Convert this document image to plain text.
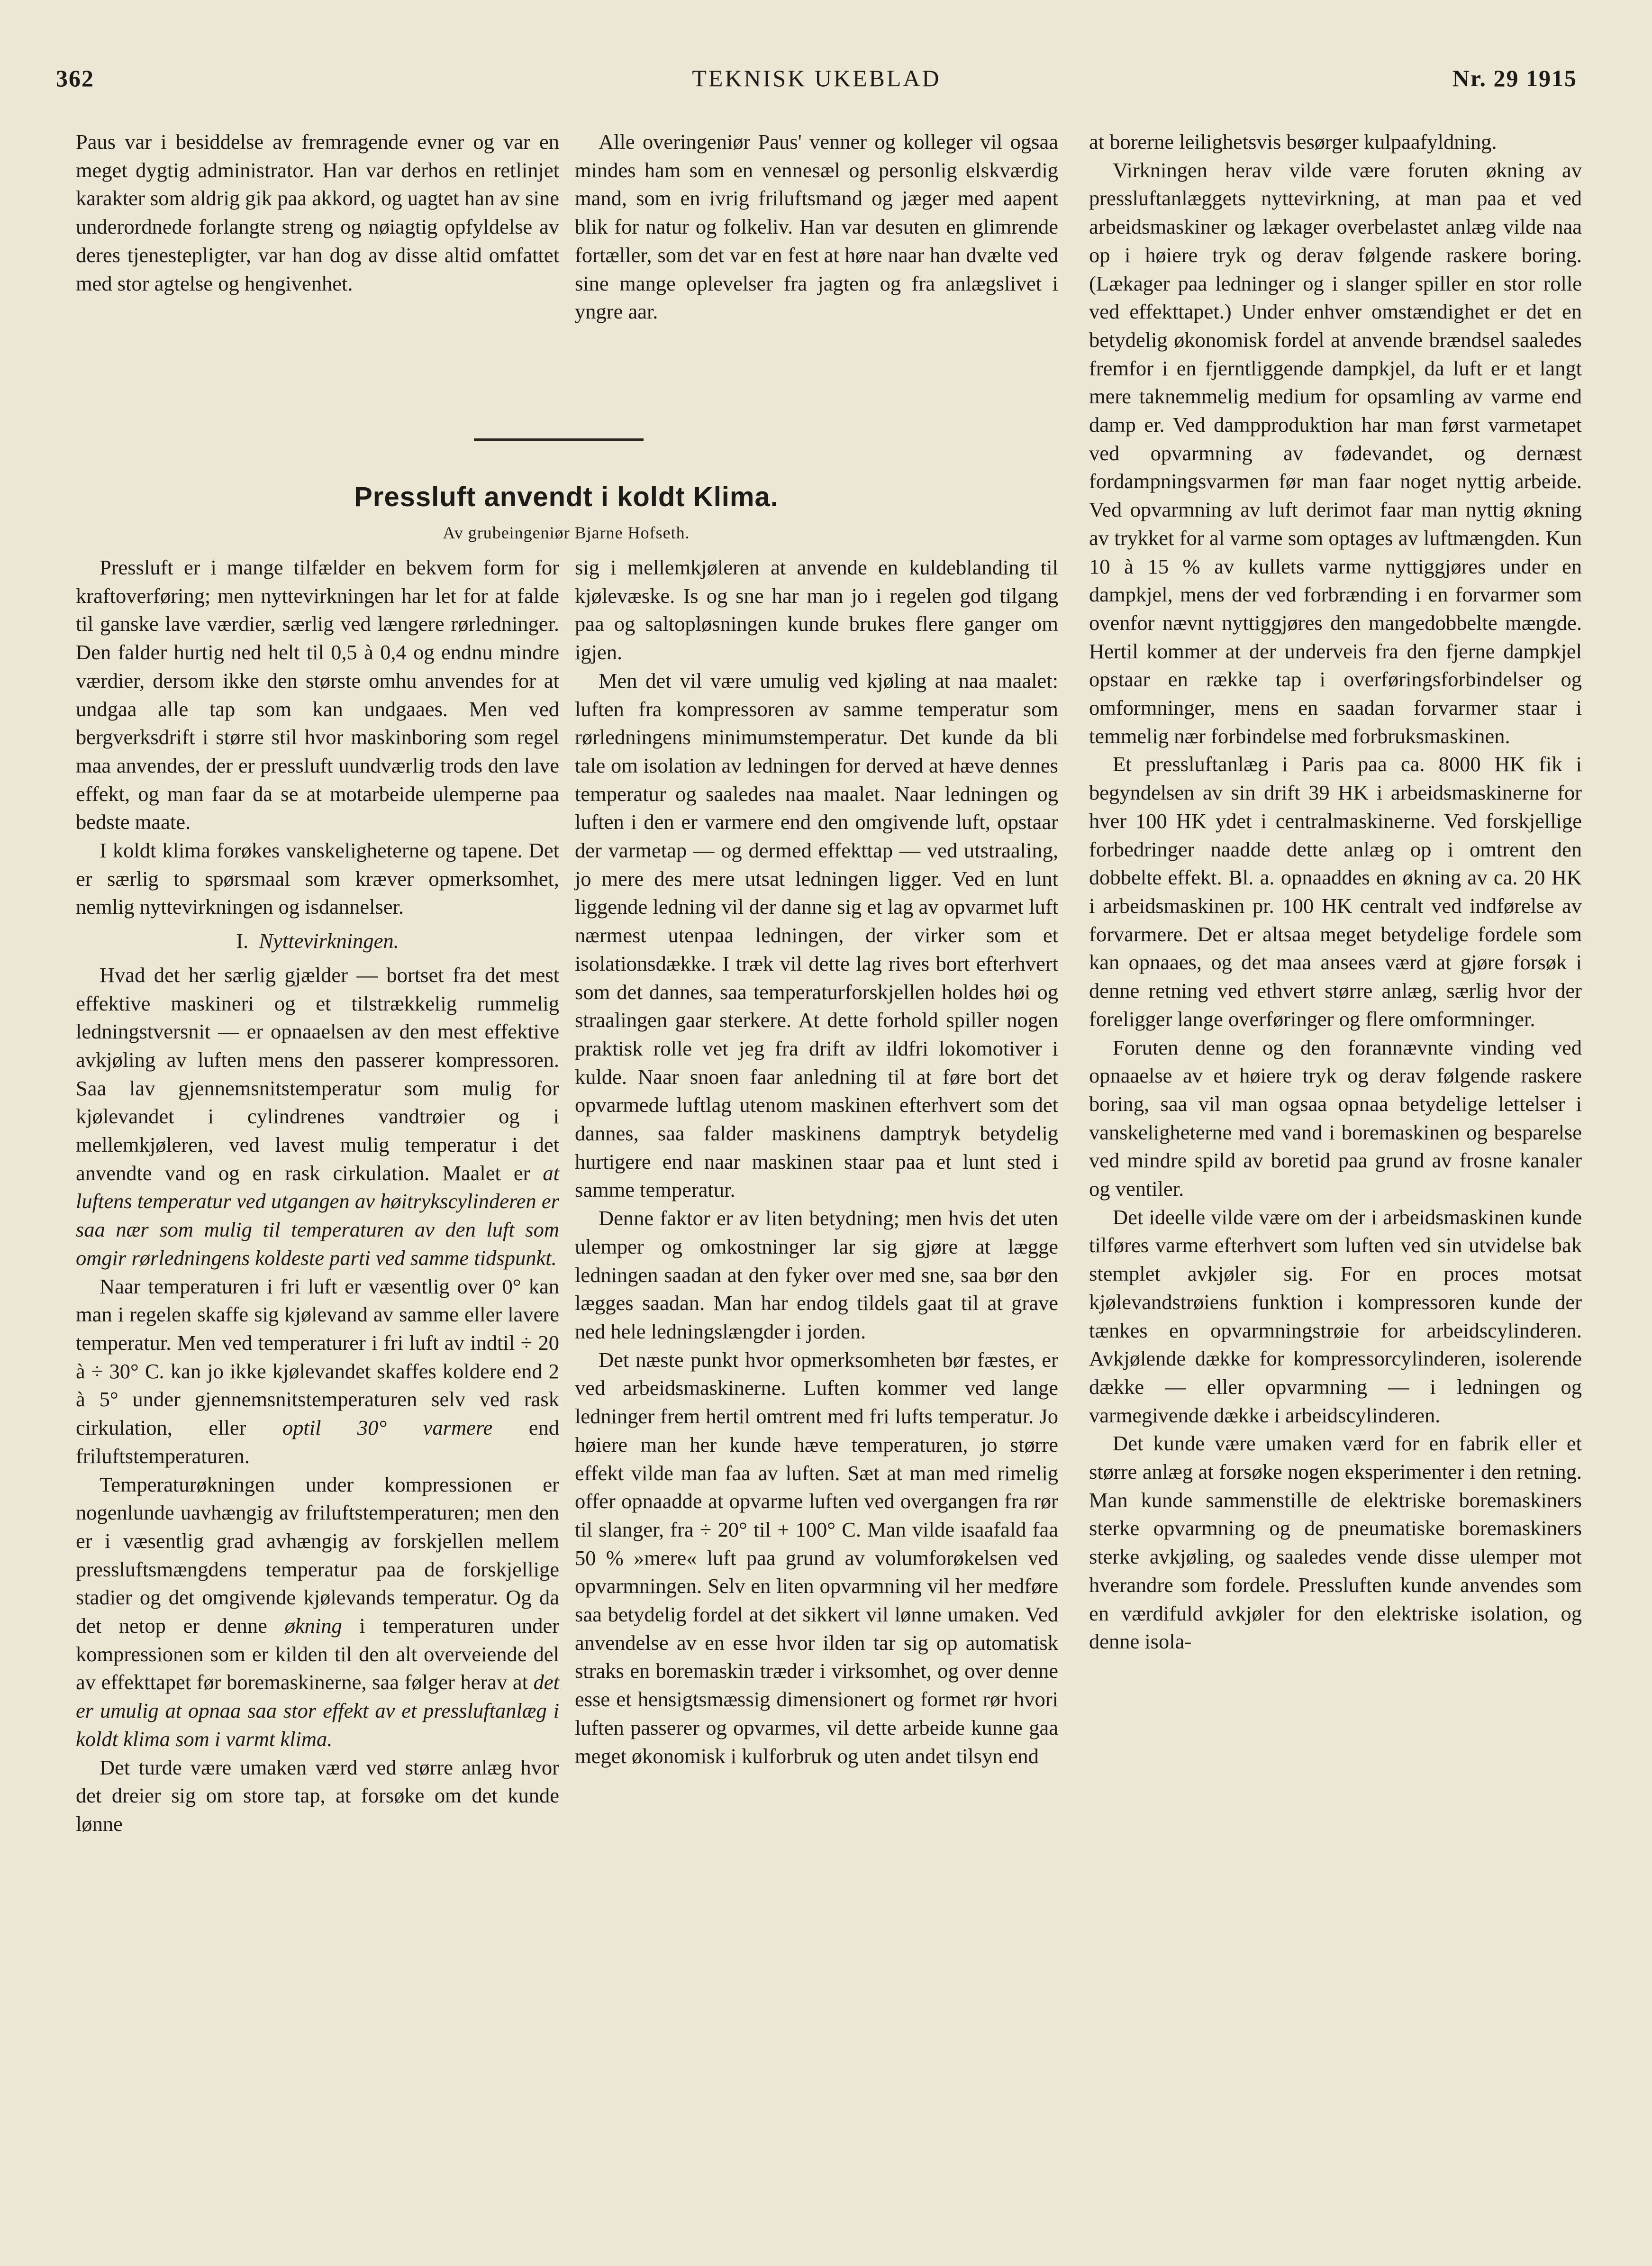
362	TEKNISK UKEBLAD	Nr. 29 1915

Paus var i besiddelse av fremragende evner og var en meget dygtig administrator. Han var derhos en retlinjet karakter som aldrig gik paa akkord, og uagtet han av sine underordnede forlangte streng og nøiagtig opfyldelse av deres tjenestepligter, var han dog av disse altid omfattet med stor agtelse og hengivenhet.

Alle overingeniør Paus' venner og kolleger vil ogsaa mindes ham som en vennesæl og personlig elskværdig mand, som en ivrig friluftsmand og jæger med aapent blik for natur og folkeliv. Han var desuten en glimrende fortæller, som det var en fest at høre naar han dvælte ved sine mange oplevelser fra jagten og fra anlægslivet i yngre aar.

Pressluft anvendt i koldt Klima.
Av grubeingeniør Bjarne Hofseth.

Pressluft er i mange tilfælder en bekvem form for kraftoverføring; men nyttevirkningen har let for at falde til ganske lave værdier, særlig ved længere rørledninger. Den falder hurtig ned helt til 0,5 à 0,4 og endnu mindre værdier, dersom ikke den største omhu anvendes for at undgaa alle tap som kan undgaaes. Men ved bergverksdrift i større stil hvor maskinboring som regel maa anvendes, der er pressluft uundværlig trods den lave effekt, og man faar da se at motarbeide ulemperne paa bedste maate.

I koldt klima forøkes vanskeligheterne og tapene. Det er særlig to spørsmaal som kræver opmerksomhet, nemlig nyttevirkningen og isdannelser.

I. Nyttevirkningen.

Hvad det her særlig gjælder — bortset fra det mest effektive maskineri og et tilstrækkelig rummelig ledningstversnit — er opnaaelsen av den mest effektive avkjøling av luften mens den passerer kompressoren. Saa lav gjennemsnitstemperatur som mulig for kjølevandet i cylindrenes vandtrøier og i mellemkjøleren, ved lavest mulig temperatur i det anvendte vand og en rask cirkulation. Maalet er at luftens temperatur ved utgangen av høitrykscylinderen er saa nær som mulig til temperaturen av den luft som omgir rørledningens koldeste parti ved samme tidspunkt.

Naar temperaturen i fri luft er væsentlig over 0° kan man i regelen skaffe sig kjølevand av samme eller lavere temperatur. Men ved temperaturer i fri luft av indtil ÷ 20 à ÷ 30° C. kan jo ikke kjølevandet skaffes koldere end 2 à 5° under gjennemsnitstemperaturen selv ved rask cirkulation, eller optil 30° varmere end friluftstemperaturen.

Temperaturøkningen under kompressionen er nogenlunde uavhængig av friluftstemperaturen; men den er i væsentlig grad avhængig av forskjellen mellem pressluftsmængdens temperatur paa de forskjellige stadier og det omgivende kjølevands temperatur. Og da det netop er denne økning i temperaturen under kompressionen som er kilden til den alt overveiende del av effekttapet før boremaskinerne, saa følger herav at det er umulig at opnaa saa stor effekt av et pressluftanlæg i koldt klima som i varmt klima.

Det turde være umaken værd ved større anlæg hvor det dreier sig om store tap, at forsøke om det kunde lønne

sig i mellemkjøleren at anvende en kuldeblanding til kjølevæske. Is og sne har man jo i regelen god tilgang paa og saltopløsningen kunde brukes flere ganger om igjen.

Men det vil være umulig ved kjøling at naa maalet: luften fra kompressoren av samme temperatur som rørledningens minimumstemperatur. Det kunde da bli tale om isolation av ledningen for derved at hæve dennes temperatur og saaledes naa maalet. Naar ledningen og luften i den er varmere end den omgivende luft, opstaar der varmetap — og dermed effekttap — ved utstraaling, jo mere des mere utsat ledningen ligger. Ved en lunt liggende ledning vil der danne sig et lag av opvarmet luft nærmest utenpaa ledningen, der virker som et isolationsdække. I træk vil dette lag rives bort efterhvert som det dannes, saa temperaturforskjellen holdes høi og straalingen gaar sterkere. At dette forhold spiller nogen praktisk rolle vet jeg fra drift av ildfri lokomotiver i kulde. Naar snoen faar anledning til at føre bort det opvarmede luftlag utenom maskinen efterhvert som det dannes, saa falder maskinens damptryk betydelig hurtigere end naar maskinen staar paa et lunt sted i samme temperatur.

Denne faktor er av liten betydning; men hvis det uten ulemper og omkostninger lar sig gjøre at lægge ledningen saadan at den fyker over med sne, saa bør den lægges saadan. Man har endog tildels gaat til at grave ned hele ledningslængder i jorden.

Det næste punkt hvor opmerksomheten bør fæstes, er ved arbeidsmaskinerne. Luften kommer ved lange ledninger frem hertil omtrent med fri lufts temperatur. Jo høiere man her kunde hæve temperaturen, jo større effekt vilde man faa av luften. Sæt at man med rimelig offer opnaadde at opvarme luften ved overgangen fra rør til slanger, fra ÷ 20° til + 100° C. Man vilde isaafald faa 50 % »mere« luft paa grund av volumforøkelsen ved opvarmningen. Selv en liten opvarmning vil her medføre saa betydelig fordel at det sikkert vil lønne umaken. Ved anvendelse av en esse hvor ilden tar sig op automatisk straks en boremaskin træder i virksomhet, og over denne esse et hensigtsmæssig dimensionert og formet rør hvori luften passerer og opvarmes, vil dette arbeide kunne gaa meget økonomisk i kulforbruk og uten andet tilsyn end

at borerne leilighetsvis besørger kulpaafyldning.

Virkningen herav vilde være foruten økning av pressluftanlæggets nyttevirkning, at man paa et ved arbeidsmaskiner og lækager overbelastet anlæg vilde naa op i høiere tryk og derav følgende raskere boring. (Lækager paa ledninger og i slanger spiller en stor rolle ved effekttapet.) Under enhver omstændighet er det en betydelig økonomisk fordel at anvende brændsel saaledes fremfor i en fjerntliggende dampkjel, da luft er et langt mere taknemmelig medium for opsamling av varme end damp er. Ved dampproduktion har man først varmetapet ved opvarmning av fødevandet, og dernæst fordampningsvarmen før man faar noget nyttig arbeide. Ved opvarmning av luft derimot faar man nyttig økning av trykket for al varme som optages av luftmængden. Kun 10 à 15 % av kullets varme nyttiggjøres under en dampkjel, mens der ved forbrænding i en forvarmer som ovenfor nævnt nyttiggjøres den mangedobbelte mængde. Hertil kommer at der underveis fra den fjerne dampkjel opstaar en række tap i overføringsforbindelser og omformninger, mens en saadan forvarmer staar i temmelig nær forbindelse med forbruksmaskinen.

Et pressluftanlæg i Paris paa ca. 8000 HK fik i begyndelsen av sin drift 39 HK i arbeidsmaskinerne for hver 100 HK ydet i centralmaskinerne. Ved forskjellige forbedringer naadde dette anlæg op i omtrent den dobbelte effekt. Bl. a. opnaaddes en økning av ca. 20 HK i arbeidsmaskinen pr. 100 HK centralt ved indførelse av forvarmere. Det er altsaa meget betydelige fordele som kan opnaaes, og det maa ansees værd at gjøre forsøk i denne retning ved ethvert større anlæg, særlig hvor der foreligger lange overføringer og flere omformninger.

Foruten denne og den forannævnte vinding ved opnaaelse av et høiere tryk og derav følgende raskere boring, saa vil man ogsaa opnaa betydelige lettelser i vanskeligheterne med vand i boremaskinen og besparelse ved mindre spild av boretid paa grund av frosne kanaler og ventiler.

Det ideelle vilde være om der i arbeidsmaskinen kunde tilføres varme efterhvert som luften ved sin utvidelse bak stemplet avkjøler sig. For en proces motsat kjølevandstrøiens funktion i kompressoren kunde der tænkes en opvarmningstrøie for arbeidscylinderen. Avkjølende dække for kompressorcylinderen, isolerende dække — eller opvarmning — i ledningen og varmegivende dække i arbeidscylinderen.

Det kunde være umaken værd for en fabrik eller et større anlæg at forsøke nogen eksperimenter i den retning. Man kunde sammenstille de elektriske boremaskiners sterke opvarmning og de pneumatiske boremaskiners sterke avkjøling, og saaledes vende disse ulemper mot hverandre som fordele. Pressluften kunde anvendes som en værdifuld avkjøler for den elektriske isolation, og denne isola-
